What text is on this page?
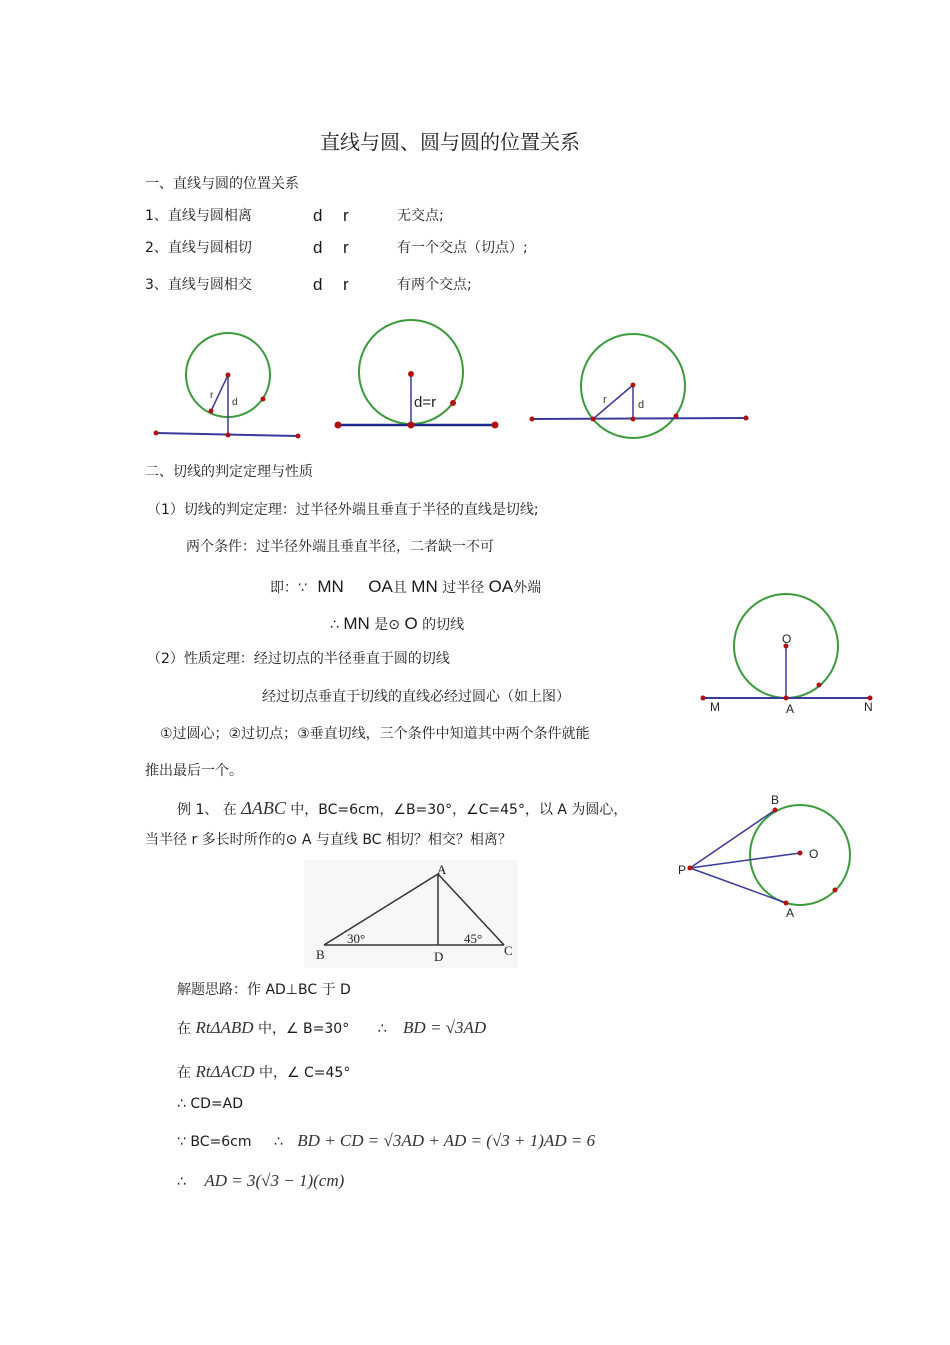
直线与圆、圆与圆的位置关系
一、直线与圆的位置关系
1、直线与圆相离	d r	无交点;
2、直线与圆相切	d r	有一个交点（切点）;
3、直线与圆相交	d r	有两个交点;
r
d	d=r	r	d
二、切线的判定定理与性质
（1）切线的判定定理：过半径外端且垂直于半径的直线是切线;
两个条件：过半径外端且垂直半径，二者缺一不可
即：∵ MN OA且 MN 过半径 OA外端
∴ MN 是⊙ O 的切线
（2）性质定理：经过切点的半径垂直于圆的切线
经过切点垂直于切线的直线必经过圆心（如上图）
①过圆心；②过切点；③垂直切线，三个条件中知道其中两个条件就能
推出最后一个。
O
M	A	N
例 1、 在 ΔABC 中，BC=6cm，∠B=30°，∠C=45°，以 A 为圆心，
当半径 r 多长时所作的⊙ A 与直线 BC 相切？相交？相离？
B
O
P
A
A
B	C
D
30°	45°
解题思路：作 AD⊥BC 于 D
在 RtΔABD 中，∠ B=30° ∴ BD = √3AD
在 RtΔACD 中，∠ C=45°
∴ CD=AD
∵ BC=6cm ∴ BD + CD = √3AD + AD = (√3 + 1)AD = 6
∴ AD = 3(√3 − 1)(cm)
